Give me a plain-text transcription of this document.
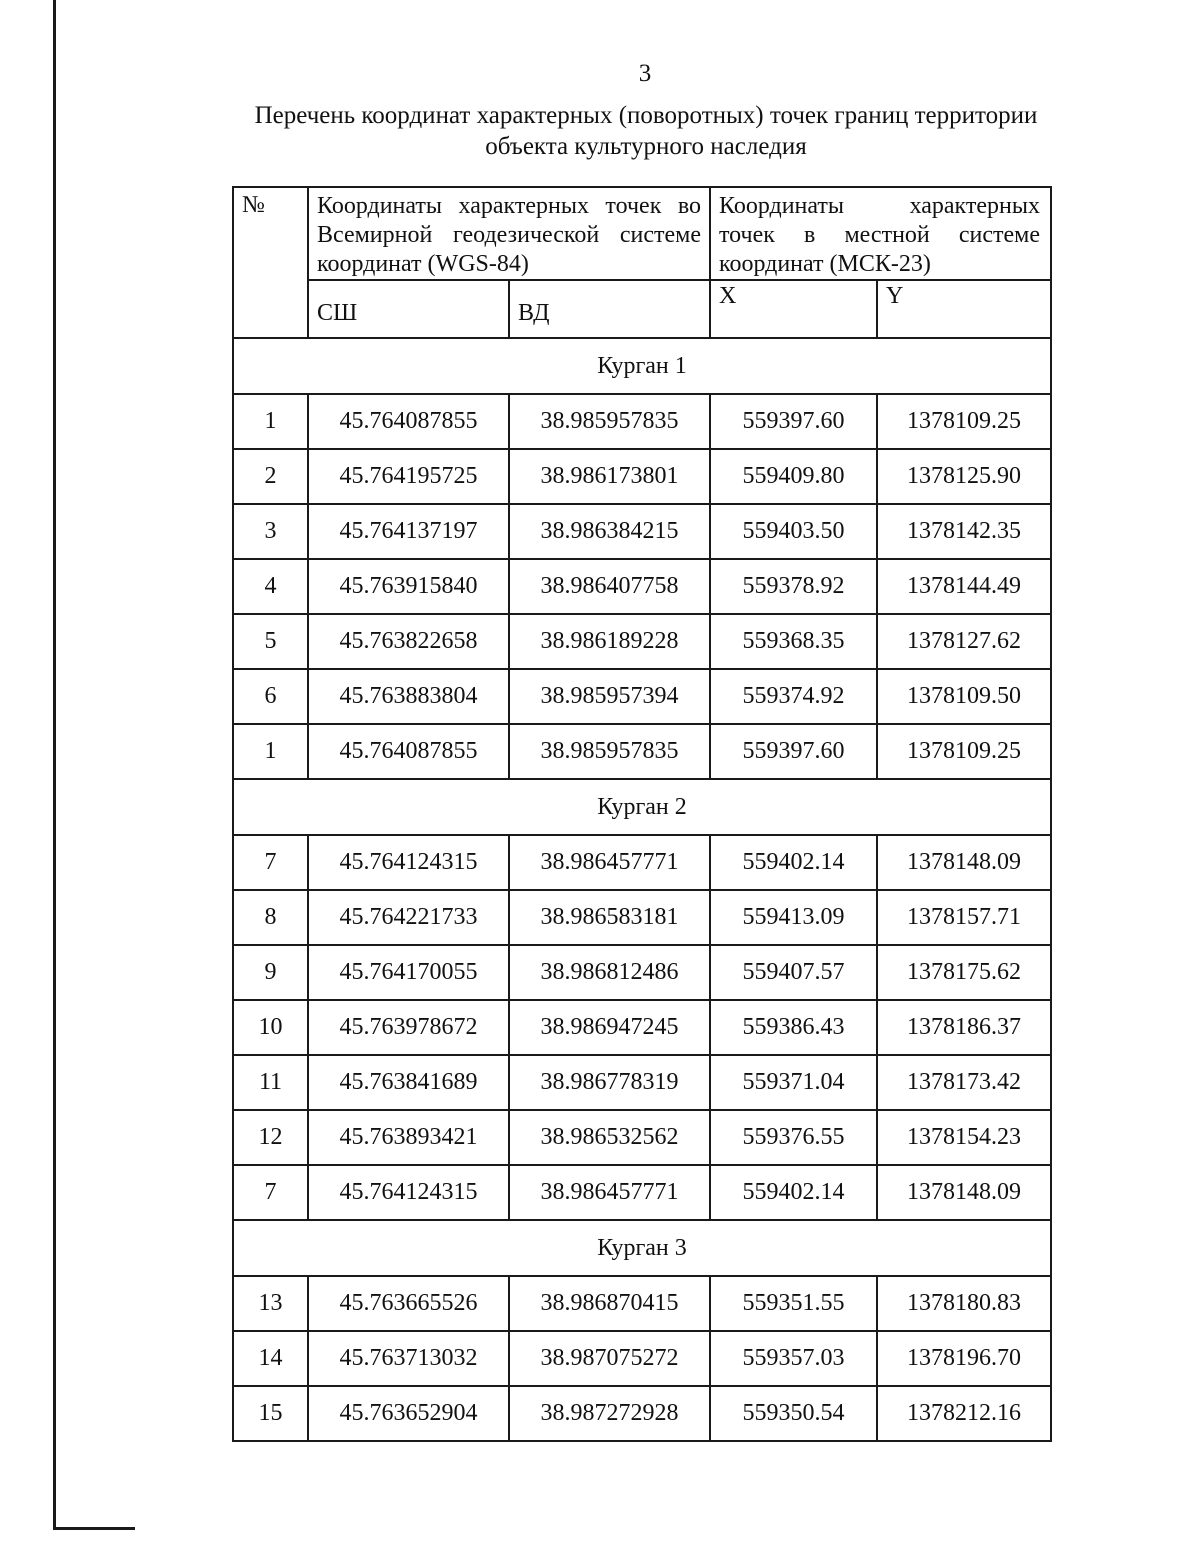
3
Перечень координат характерных (поворотных) точек границ территории
объекта культурного наследия
№	Координаты характерных точек во Всемирной геодезической системе координат (WGS-84)		Координаты характерных точек в местной системе координат (МСК-23)	
	СШ	ВД	X	Y
Курган 1				
1	45.764087855	38.985957835	559397.60	1378109.25
2	45.764195725	38.986173801	559409.80	1378125.90
3	45.764137197	38.986384215	559403.50	1378142.35
4	45.763915840	38.986407758	559378.92	1378144.49
5	45.763822658	38.986189228	559368.35	1378127.62
6	45.763883804	38.985957394	559374.92	1378109.50
1	45.764087855	38.985957835	559397.60	1378109.25
Курган 2				
7	45.764124315	38.986457771	559402.14	1378148.09
8	45.764221733	38.986583181	559413.09	1378157.71
9	45.764170055	38.986812486	559407.57	1378175.62
10	45.763978672	38.986947245	559386.43	1378186.37
11	45.763841689	38.986778319	559371.04	1378173.42
12	45.763893421	38.986532562	559376.55	1378154.23
7	45.764124315	38.986457771	559402.14	1378148.09
Курган 3				
13	45.763665526	38.986870415	559351.55	1378180.83
14	45.763713032	38.987075272	559357.03	1378196.70
15	45.763652904	38.987272928	559350.54	1378212.16
